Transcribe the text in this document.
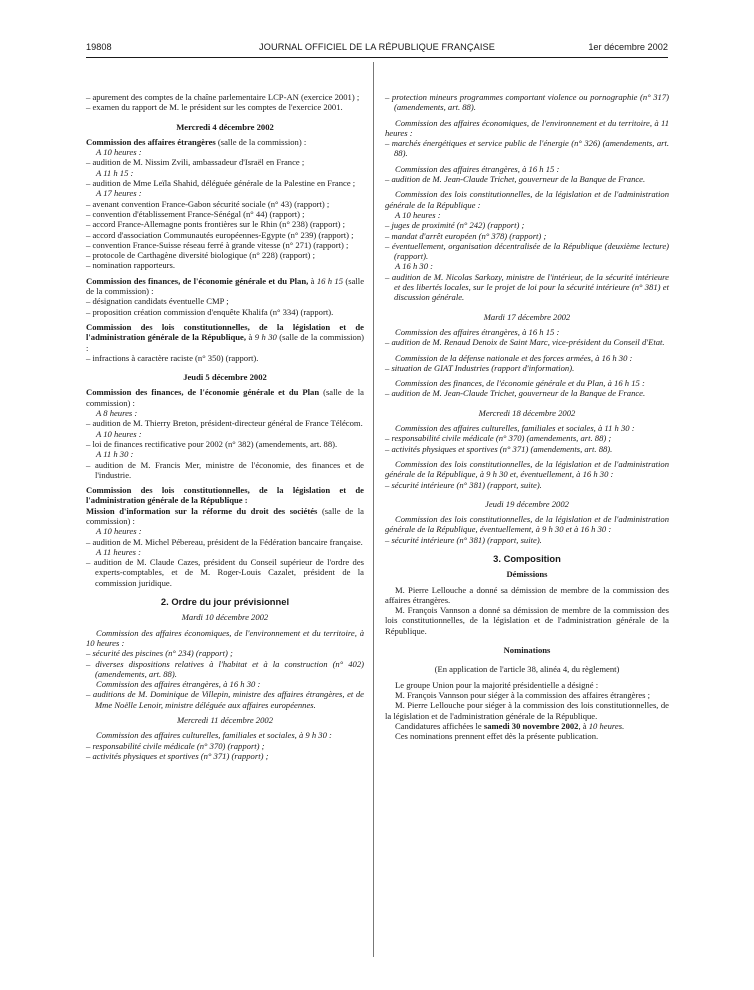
19808	JOURNAL OFFICIEL DE LA RÉPUBLIQUE FRANÇAISE	1er décembre 2002

– apurement des comptes de la chaîne parlementaire LCP-AN (exercice 2001) ;

– examen du rapport de M. le président sur les comptes de l'exercice 2001.

Mercredi 4 décembre 2002

Commission des affaires étrangères (salle de la commission) :

A 10 heures :

– audition de M. Nissim Zvili, ambassadeur d'Israël en France ;

A 11 h 15 :

– audition de Mme Leïla Shahid, déléguée générale de la Palestine en France ;

A 17 heures :

– avenant convention France-Gabon sécurité sociale (n° 43) (rapport) ;

– convention d'établissement France-Sénégal (n° 44) (rapport) ;

– accord France-Allemagne ponts frontières sur le Rhin (n° 238) (rapport) ;

– accord d'association Communautés européennes-Egypte (n° 239) (rapport) ;

– convention France-Suisse réseau ferré à grande vitesse (n° 271) (rapport) ;

– protocole de Carthagène diversité biologique (n° 228) (rapport) ;

– nomination rapporteurs.

Commission des finances, de l'économie générale et du Plan, à 16 h 15 (salle de la commission) :

– désignation candidats éventuelle CMP ;

– proposition création commission d'enquête Khalifa (n° 334) (rapport).

Commission des lois constitutionnelles, de la législation et de l'administration générale de la République, à 9 h 30 (salle de la commission) :

– infractions à caractère raciste (n° 350) (rapport).

Jeudi 5 décembre 2002

Commission des finances, de l'économie générale et du Plan (salle de la commission) :

A 8 heures :

– audition de M. Thierry Breton, président-directeur général de France Télécom.

A 10 heures :

– loi de finances rectificative pour 2002 (n° 382) (amendements, art. 88).

A 11 h 30 :

– audition de M. Francis Mer, ministre de l'économie, des finances et de l'industrie.

Commission des lois constitutionnelles, de la législation et de l'administration générale de la République :

Mission d'information sur la réforme du droit des sociétés (salle de la commission) :

A 10 heures :

– audition de M. Michel Pébereau, président de la Fédération bancaire française.

A 11 heures :

– audition de M. Claude Cazes, président du Conseil supérieur de l'ordre des experts-comptables, et de M. Roger-Louis Cazalet, président de la commission juridique.

2. Ordre du jour prévisionnel

Mardi 10 décembre 2002

Commission des affaires économiques, de l'environnement et du territoire, à 10 heures :

– sécurité des piscines (n° 234) (rapport) ;

– diverses dispositions relatives à l'habitat et à la construction (n° 402) (amendements, art. 88).

Commission des affaires étrangères, à 16 h 30 :

– auditions de M. Dominique de Villepin, ministre des affaires étrangères, et de Mme Noëlle Lenoir, ministre déléguée aux affaires européennes.

Mercredi 11 décembre 2002

Commission des affaires culturelles, familiales et sociales, à 9 h 30 :

– responsabilité civile médicale (n° 370) (rapport) ;

– activités physiques et sportives (n° 371) (rapport) ;

– protection mineurs programmes comportant violence ou pornographie (n° 317) (amendements, art. 88).

Commission des affaires économiques, de l'environnement et du territoire, à 11 heures :

– marchés énergétiques et service public de l'énergie (n° 326) (amendements, art. 88).

Commission des affaires étrangères, à 16 h 15 :

– audition de M. Jean-Claude Trichet, gouverneur de la Banque de France.

Commission des lois constitutionnelles, de la législation et de l'administration générale de la République :

A 10 heures :

– juges de proximité (n° 242) (rapport) ;

– mandat d'arrêt européen (n° 378) (rapport) ;

– éventuellement, organisation décentralisée de la République (deuxième lecture) (rapport).

A 16 h 30 :

– audition de M. Nicolas Sarkozy, ministre de l'intérieur, de la sécurité intérieure et des libertés locales, sur le projet de loi pour la sécurité intérieure (n° 381) et discussion générale.

Mardi 17 décembre 2002

Commission des affaires étrangères, à 16 h 15 :

– audition de M. Renaud Denoix de Saint Marc, vice-président du Conseil d'Etat.

Commission de la défense nationale et des forces armées, à 16 h 30 :

– situation de GIAT Industries (rapport d'information).

Commission des finances, de l'économie générale et du Plan, à 16 h 15 :

– audition de M. Jean-Claude Trichet, gouverneur de la Banque de France.

Mercredi 18 décembre 2002

Commission des affaires culturelles, familiales et sociales, à 11 h 30 :

– responsabilité civile médicale (n° 370) (amendements, art. 88) ;

– activités physiques et sportives (n° 371) (amendements, art. 88).

Commission des lois constitutionnelles, de la législation et de l'administration générale de la République, à 9 h 30 et, éventuellement, à 16 h 30 :

– sécurité intérieure (n° 381) (rapport, suite).

Jeudi 19 décembre 2002

Commission des lois constitutionnelles, de la législation et de l'administration générale de la République, éventuellement, à 9 h 30 et à 16 h 30 :

– sécurité intérieure (n° 381) (rapport, suite).

3. Composition

Démissions

M. Pierre Lellouche a donné sa démission de membre de la commission des affaires étrangères.

M. François Vannson a donné sa démission de membre de la commission des lois constitutionnelles, de la législation et de l'administration générale de la République.

Nominations

(En application de l'article 38, alinéa 4, du règlement)

Le groupe Union pour la majorité présidentielle a désigné :

M. François Vannson pour siéger à la commission des affaires étrangères ;

M. Pierre Lellouche pour siéger à la commission des lois constitutionnelles, de la législation et de l'administration générale de la République.

Candidatures affichées le samedi 30 novembre 2002, à 10 heures.

Ces nominations prennent effet dès la présente publication.
